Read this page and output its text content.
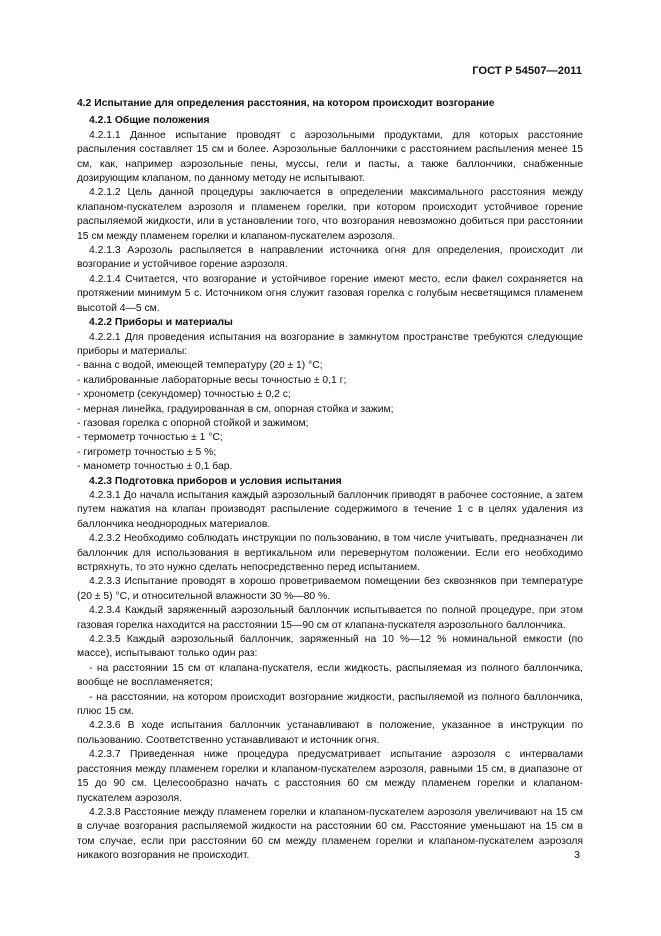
ГОСТ Р 54507—2011

4.2 Испытание для определения расстояния, на котором происходит возгорание

4.2.1 Общие положения

4.2.1.1 Данное испытание проводят с аэрозольными продуктами, для которых расстояние распыления составляет 15 см и более. Аэрозольные баллончики с расстоянием распыления менее 15 см, как, например аэрозольные пены, муссы, гели и пасты, а также баллончики, снабженные дозирующим клапаном, по данному методу не испытывают.

4.2.1.2 Цель данной процедуры заключается в определении максимального расстояния между клапаном-пускателем аэрозоля и пламенем горелки, при котором происходит устойчивое горение распыляемой жидкости, или в установлении того, что возгорания невозможно добиться при расстоянии 15 см между пламенем горелки и клапаном-пускателем аэрозоля.

4.2.1.3 Аэрозоль распыляется в направлении источника огня для определения, происходит ли возгорание и устойчивое горение аэрозоля.

4.2.1.4 Считается, что возгорание и устойчивое горение имеют место, если факел сохраняется на протяжении минимум 5 с. Источником огня служит газовая горелка с голубым несветящимся пламенем высотой 4—5 см.

4.2.2 Приборы и материалы

4.2.2.1 Для проведения испытания на возгорание в замкнутом пространстве требуются следующие приборы и материалы:

- ванна с водой, имеющей температуру (20 ± 1) °С;

- калиброванные лабораторные весы точностью ± 0,1 г;

- хронометр (секундомер) точностью ± 0,2 с;

- мерная линейка, градуированная в см, опорная стойка и зажим;

- газовая горелка с опорной стойкой и зажимом;

- термометр точностью ± 1 °С;

- гигрометр точностью ± 5 %;

- манометр точностью ± 0,1 бар.

4.2.3 Подготовка приборов и условия испытания

4.2.3.1 До начала испытания каждый аэрозольный баллончик приводят в рабочее состояние, а затем путем нажатия на клапан производят распыление содержимого в течение 1 с в целях удаления из баллончика неоднородных материалов.

4.2.3.2 Необходимо соблюдать инструкции по пользованию, в том числе учитывать, предназначен ли баллончик для использования в вертикальном или перевернутом положении. Если его необходимо встряхнуть, то это нужно сделать непосредственно перед испытанием.

4.2.3.3 Испытание проводят в хорошо проветриваемом помещении без сквозняков при температуре (20 ± 5) °С, и относительной влажности 30 %—80 %.

4.2.3.4 Каждый заряженный аэрозольный баллончик испытывается по полной процедуре, при этом газовая горелка находится на расстоянии 15—90 см от клапана-пускателя аэрозольного баллончика.

4.2.3.5 Каждый аэрозольный баллончик, заряженный на 10 %—12 % номинальной емкости (по массе), испытывают только один раз:

- на расстоянии 15 см от клапана-пускателя, если жидкость, распыляемая из полного баллончика, вообще не воспламеняется;

- на расстоянии, на котором происходит возгорание жидкости, распыляемой из полного баллончика, плюс 15 см.

4.2.3.6 В ходе испытания баллончик устанавливают в положение, указанное в инструкции по пользованию. Соответственно устанавливают и источник огня.

4.2.3.7 Приведенная ниже процедура предусматривает испытание аэрозоля с интервалами расстояния между пламенем горелки и клапаном-пускателем аэрозоля, равными 15 см, в диапазоне от 15 до 90 см. Целесообразно начать с расстояния 60 см между пламенем горелки и клапаном-пускателем аэрозоля.

4.2.3.8 Расстояние между пламенем горелки и клапаном-пускателем аэрозоля увеличивают на 15 см в случае возгорания распыляемой жидкости на расстоянии 60 см. Расстояние уменьшают на 15 см в том случае, если при расстоянии 60 см между пламенем горелки и клапаном-пускателем аэрозоля никакого возгорания не происходит.	3
